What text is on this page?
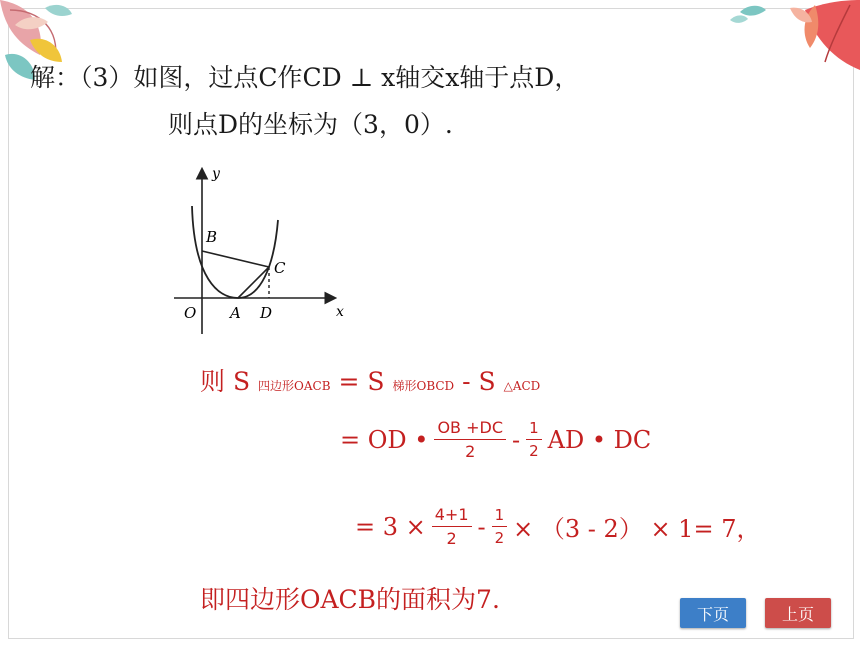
解：（3）如图，过点C作CD ⊥ x轴交x轴于点D，
则点D的坐标为（3，0）.
y
x
O A
B
C
D
则 S 四边形OACB = S 梯形OBCD - S △ACD
= OD • $\frac{OB +DC}{2} - \frac{1}{2}$ AD • DC
= $3 \times \frac{4+1}{2} - \frac{1}{2} \times (3 - 2) \times 1= 7$，
即四边形OACB的面积为7.	下页	上页
